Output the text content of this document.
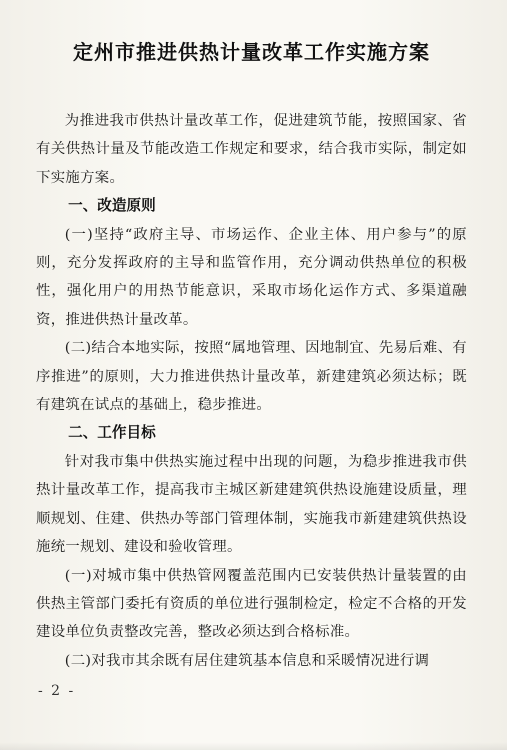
定州市推进供热计量改革工作实施方案

为推进我市供热计量改革工作，促进建筑节能，按照国家、省有关供热计量及节能改造工作规定和要求，结合我市实际，制定如下实施方案。

一、改造原则

(一)坚持“政府主导、市场运作、企业主体、用户参与”的原则，充分发挥政府的主导和监管作用，充分调动供热单位的积极性，强化用户的用热节能意识，采取市场化运作方式、多渠道融资，推进供热计量改革。

(二)结合本地实际，按照“属地管理、因地制宜、先易后难、有序推进”的原则，大力推进供热计量改革，新建建筑必须达标；既有建筑在试点的基础上，稳步推进。

二、工作目标

针对我市集中供热实施过程中出现的问题，为稳步推进我市供热计量改革工作，提高我市主城区新建建筑供热设施建设质量，理顺规划、住建、供热办等部门管理体制，实施我市新建建筑供热设施统一规划、建设和验收管理。

(一)对城市集中供热管网覆盖范围内已安装供热计量装置的由供热主管部门委托有资质的单位进行强制检定，检定不合格的开发建设单位负责整改完善，整改必须达到合格标准。

(二)对我市其余既有居住建筑基本信息和采暖情况进行调

- 2 -
